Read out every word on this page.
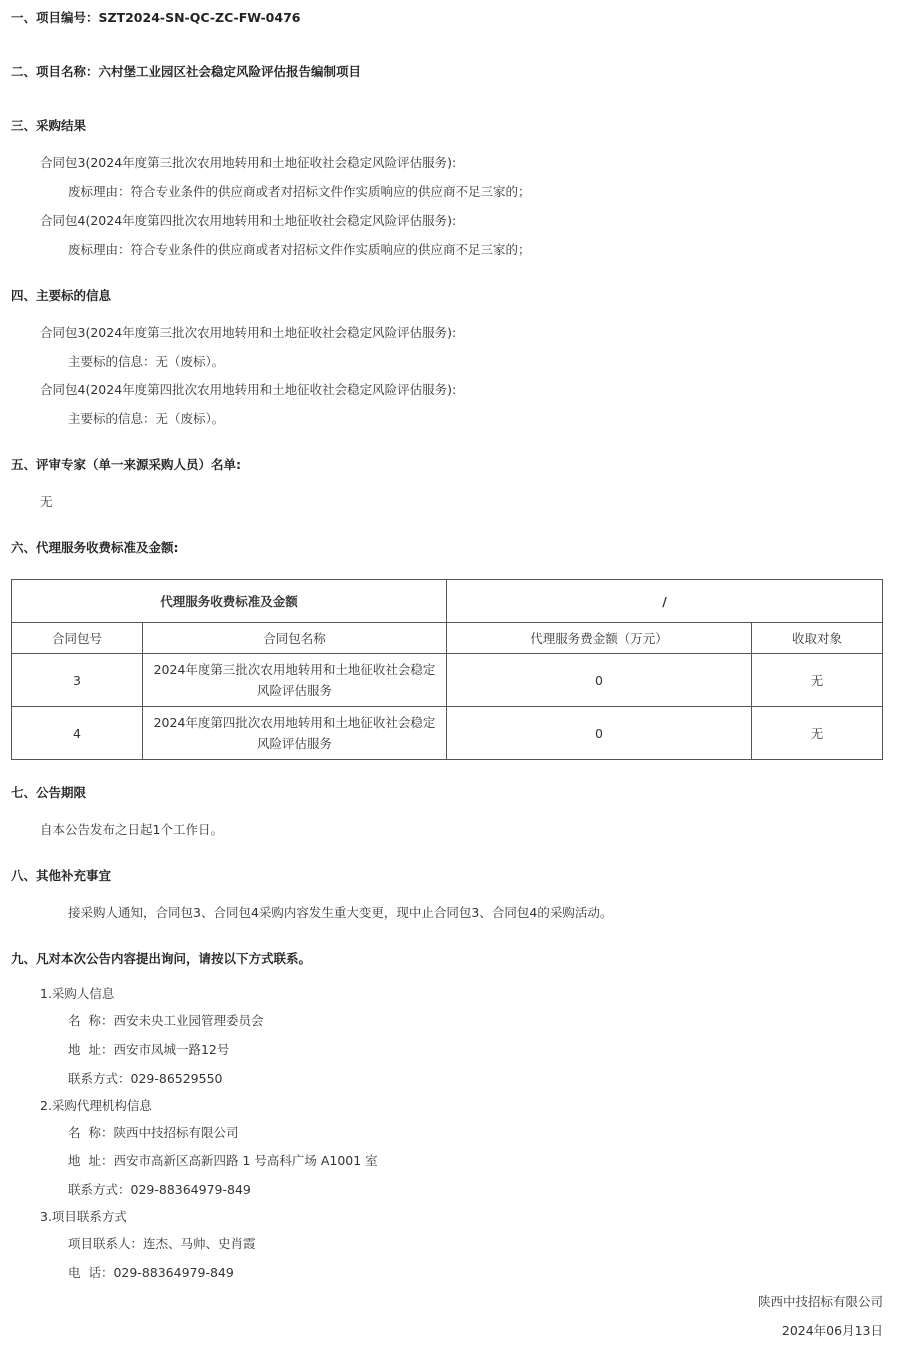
一、项目编号：SZT2024-SN-QC-ZC-FW-0476
二、项目名称：六村堡工业园区社会稳定风险评估报告编制项目
三、采购结果
合同包3(2024年度第三批次农用地转用和土地征收社会稳定风险评估服务):
废标理由：符合专业条件的供应商或者对招标文件作实质响应的供应商不足三家的；
合同包4(2024年度第四批次农用地转用和土地征收社会稳定风险评估服务):
废标理由：符合专业条件的供应商或者对招标文件作实质响应的供应商不足三家的；
四、主要标的信息
合同包3(2024年度第三批次农用地转用和土地征收社会稳定风险评估服务):
主要标的信息：无（废标）。
合同包4(2024年度第四批次农用地转用和土地征收社会稳定风险评估服务):
主要标的信息：无（废标）。
五、评审专家（单一来源采购人员）名单:
无
六、代理服务收费标准及金额:
代理服务收费标准及金额		/	
合同包号	合同包名称	代理服务费金额（万元）	收取对象
3	2024年度第三批次农用地转用和土地征收社会稳定风险评估服务	0	无
4	2024年度第四批次农用地转用和土地征收社会稳定风险评估服务	0	无
七、公告期限
自本公告发布之日起1个工作日。
八、其他补充事宜
接采购人通知，合同包3、合同包4采购内容发生重大变更，现中止合同包3、合同包4的采购活动。
九、凡对本次公告内容提出询问，请按以下方式联系。
1.采购人信息
名  称：西安未央工业园管理委员会
地  址：西安市凤城一路12号
联系方式：029-86529550
2.采购代理机构信息
名  称：陕西中技招标有限公司
地  址：西安市高新区高新四路 1 号高科广场 A1001 室
联系方式：029-88364979-849
3.项目联系方式
项目联系人：连杰、马帅、史肖霞
电  话：029-88364979-849
陕西中技招标有限公司
2024年06月13日
